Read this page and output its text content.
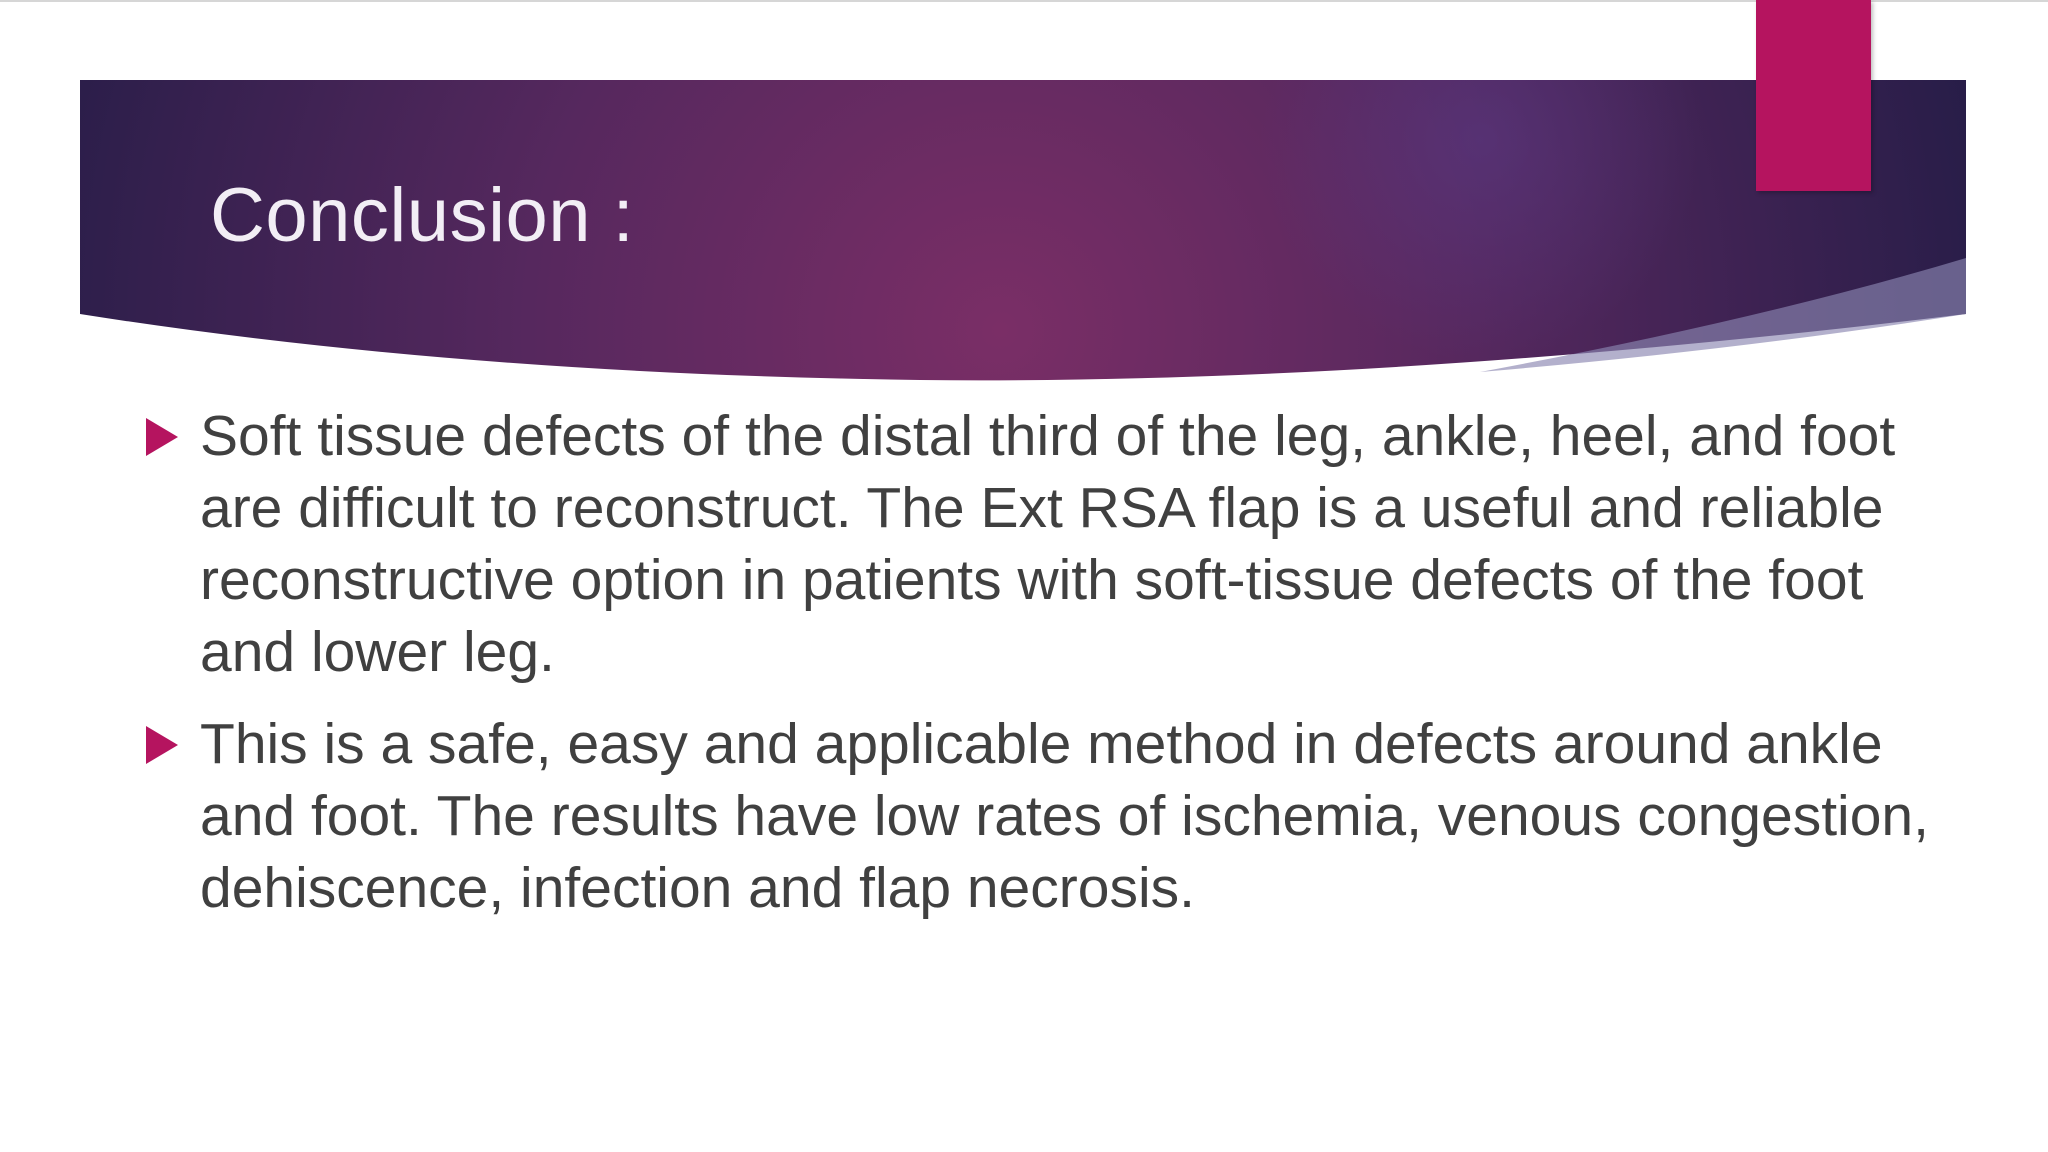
Conclusion :
Soft tissue defects of the distal third of the leg, ankle, heel, and foot are difficult to reconstruct. The Ext RSA flap is a useful and reliable reconstructive option in patients with soft-tissue defects of the foot and lower leg.
This is a safe, easy and applicable method in defects around ankle and foot. The results have low rates of ischemia, venous congestion, dehiscence, infection and flap necrosis.
